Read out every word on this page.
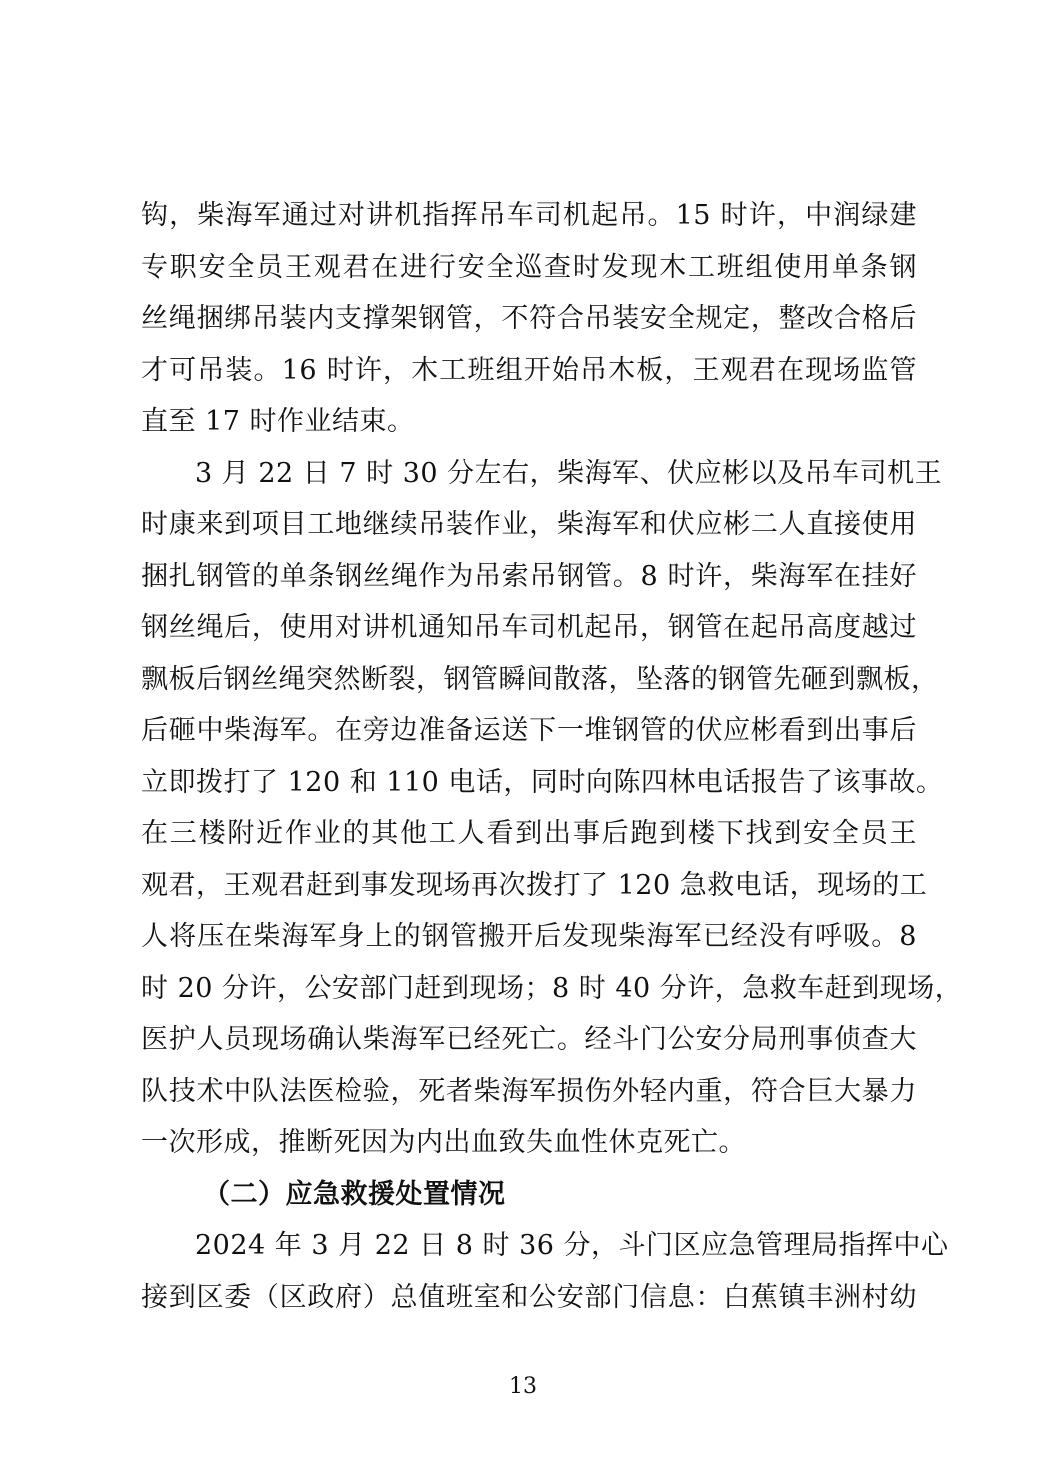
钩，柴海军通过对讲机指挥吊车司机起吊。15 时许，中润绿建
专职安全员王观君在进行安全巡查时发现木工班组使用单条钢
丝绳捆绑吊装内支撑架钢管，不符合吊装安全规定，整改合格后
才可吊装。16 时许，木工班组开始吊木板，王观君在现场监管
直至 17 时作业结束。
3 月 22 日 7 时 30 分左右，柴海军、伏应彬以及吊车司机王
时康来到项目工地继续吊装作业，柴海军和伏应彬二人直接使用
捆扎钢管的单条钢丝绳作为吊索吊钢管。8 时许，柴海军在挂好
钢丝绳后，使用对讲机通知吊车司机起吊，钢管在起吊高度越过
飘板后钢丝绳突然断裂，钢管瞬间散落，坠落的钢管先砸到飘板，
后砸中柴海军。在旁边准备运送下一堆钢管的伏应彬看到出事后
立即拨打了 120 和 110 电话，同时向陈四林电话报告了该事故。
在三楼附近作业的其他工人看到出事后跑到楼下找到安全员王
观君，王观君赶到事发现场再次拨打了 120 急救电话，现场的工
人将压在柴海军身上的钢管搬开后发现柴海军已经没有呼吸。8
时 20 分许，公安部门赶到现场；8 时 40 分许，急救车赶到现场，
医护人员现场确认柴海军已经死亡。经斗门公安分局刑事侦查大
队技术中队法医检验，死者柴海军损伤外轻内重，符合巨大暴力
一次形成，推断死因为内出血致失血性休克死亡。
（二）应急救援处置情况
2024 年 3 月 22 日 8 时 36 分，斗门区应急管理局指挥中心
接到区委（区政府）总值班室和公安部门信息：白蕉镇丰洲村幼
13
